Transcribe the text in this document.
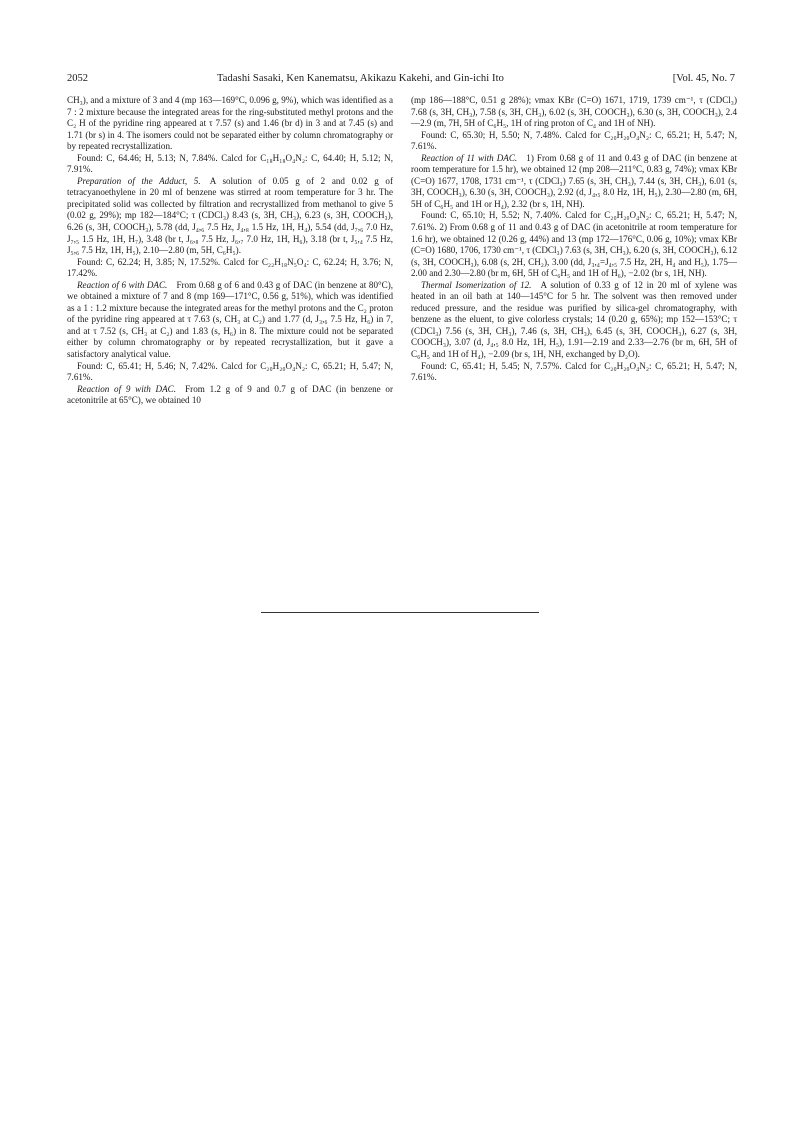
2052	Tadashi Sasaki, Ken Kanematsu, Akikazu Kakehi, and Gin-ichi Ito	[Vol. 45, No. 7

CH₃), and a mixture of 3 and 4 (mp 163—169°C, 0.096 g, 9%), which was identified as a 7 : 2 mixture because the integrated areas for the ring-substituted methyl protons and the C₂ H of the pyridine ring appeared at τ 7.57 (s) and 1.46 (br d) in 3 and at 7.45 (s) and 1.71 (br s) in 4. The isomers could not be separated either by column chromatography or by repeated recrystallization.

Found: C, 64.46; H, 5.13; N, 7.84%. Calcd for C₁₈H₁₈O₄N₂: C, 64.40; H, 5.12; N, 7.91%.

Preparation of the Adduct, 5.  A solution of 0.05 g of 2 and 0.02 g of tetracyanoethylene in 20 ml of benzene was stirred at room temperature for 3 hr. The precipitated solid was collected by filtration and recrystallized from methanol to give 5 (0.02 g, 29%); mp 182—184°C; τ (CDCl₃) 8.43 (s, 3H, CH₃), 6.23 (s, 3H, COOCH₃), 6.26 (s, 3H, COOCH₃), 5.78 (dd, J₄,₆ 7.5 Hz, J₄,₈ 1.5 Hz, 1H, H₄), 5.54 (dd, J₇,₆ 7.0 Hz, J₇,₅ 1.5 Hz, 1H, H₇), 3.48 (br t, J₆,₈ 7.5 Hz, J₆,₇ 7.0 Hz, 1H, H₆), 3.18 (br t, J₅,₄ 7.5 Hz, J₅,₆ 7.5 Hz, 1H, H₅), 2.10—2.80 (m, 5H, C₆H₅).

Found: C, 62.24; H, 3.85; N, 17.52%. Calcd for C₂₂H₁₈N₅O₄: C, 62.24; H, 3.76; N, 17.42%.

Reaction of 6 with DAC.  From 0.68 g of 6 and 0.43 g of DAC (in benzene at 80°C), we obtained a mixture of 7 and 8 (mp 169—171°C, 0.56 g, 51%), which was identified as a 1 : 1.2 mixture because the integrated areas for the methyl protons and the C₂ proton of the pyridine ring appeared at τ 7.63 (s, CH₃ at C₂) and 1.77 (d, J₃,₆ 7.5 Hz, H₆) in 7, and at τ 7.52 (s, CH₃ at C₂) and 1.83 (s, H₆) in 8. The mixture could not be separated either by column chromatography or by repeated recrystallization, but it gave a satisfactory analytical value.

Found: C, 65.41; H, 5.46; N, 7.42%. Calcd for C₂₀H₂₀O₄N₂: C, 65.21; H, 5.47; N, 7.61%.

Reaction of 9 with DAC.  From 1.2 g of 9 and 0.7 g of DAC (in benzene or acetonitrile at 65°C), we obtained 10

(mp 186—188°C, 0.51 g 28%); νmax KBr (C=O) 1671, 1719, 1739 cm⁻¹, τ (CDCl₃) 7.68 (s, 3H, CH₃), 7.58 (s, 3H, CH₃), 6.02 (s, 3H, COOCH₃), 6.30 (s, 3H, COOCH₃), 2.4—2.9 (m, 7H, 5H of C₆H₅, 1H of ring proton of C₄ and 1H of NH).

Found: C, 65.30; H, 5.50; N, 7.48%. Calcd for C₂₀H₂₀O₄N₂: C, 65.21; H, 5.47; N, 7.61%.

Reaction of 11 with DAC.  1) From 0.68 g of 11 and 0.43 g of DAC (in benzene at room temperature for 1.5 hr), we obtained 12 (mp 208—211°C, 0.83 g, 74%); νmax KBr (C=O) 1677, 1708, 1731 cm⁻¹, τ (CDCl₃) 7.65 (s, 3H, CH₃), 7.44 (s, 3H, CH₃), 6.01 (s, 3H, COOCH₃), 6.30 (s, 3H, COOCH₃), 2.92 (d, J₄,₅ 8.0 Hz, 1H, H₅), 2.30—2.80 (m, 6H, 5H of C₆H₅ and 1H or H₄), 2.32 (br s, 1H, NH).

Found: C, 65.10; H, 5.52; N, 7.40%. Calcd for C₂₀H₂₀O₄N₂: C, 65.21; H, 5.47; N, 7.61%. 2) From 0.68 g of 11 and 0.43 g of DAC (in acetonitrile at room temperature for 1.6 hr), we obtained 12 (0.26 g, 44%) and 13 (mp 172—176°C, 0.06 g, 10%); νmax KBr (C=O) 1680, 1706, 1730 cm⁻¹, τ (CDCl₃) 7.63 (s, 3H, CH₃), 6.20 (s, 3H, COOCH₃), 6.12 (s, 3H, COOCH₃), 6.08 (s, 2H, CH₂), 3.00 (dd, J₃,₄=J₄,₅ 7.5 Hz, 2H, H₄ and H₅), 1.75—2.00 and 2.30—2.80 (br m, 6H, 5H of C₆H₅ and 1H of H₆), −2.02 (br s, 1H, NH).

Thermal Isomerization of 12.  A solution of 0.33 g of 12 in 20 ml of xylene was heated in an oil bath at 140—145°C for 5 hr. The solvent was then removed under reduced pressure, and the residue was purified by silica-gel chromatography, with benzene as the eluent, to give colorless crystals; 14 (0.20 g, 65%); mp 152—153°C; τ (CDCl₃) 7.56 (s, 3H, CH₃), 7.46 (s, 3H, CH₃), 6.45 (s, 3H, COOCH₃), 6.27 (s, 3H, COOCH₃), 3.07 (d, J₄,₅ 8.0 Hz, 1H, H₅), 1.91—2.19 and 2.33—2.76 (br m, 6H, 5H of C₆H₅ and 1H of H₄), −2.09 (br s, 1H, NH, exchanged by D₂O).

Found: C, 65.41; H, 5.45; N, 7.57%. Calcd for C₂₀H₂₀O₄N₂: C, 65.21; H, 5.47; N, 7.61%.
